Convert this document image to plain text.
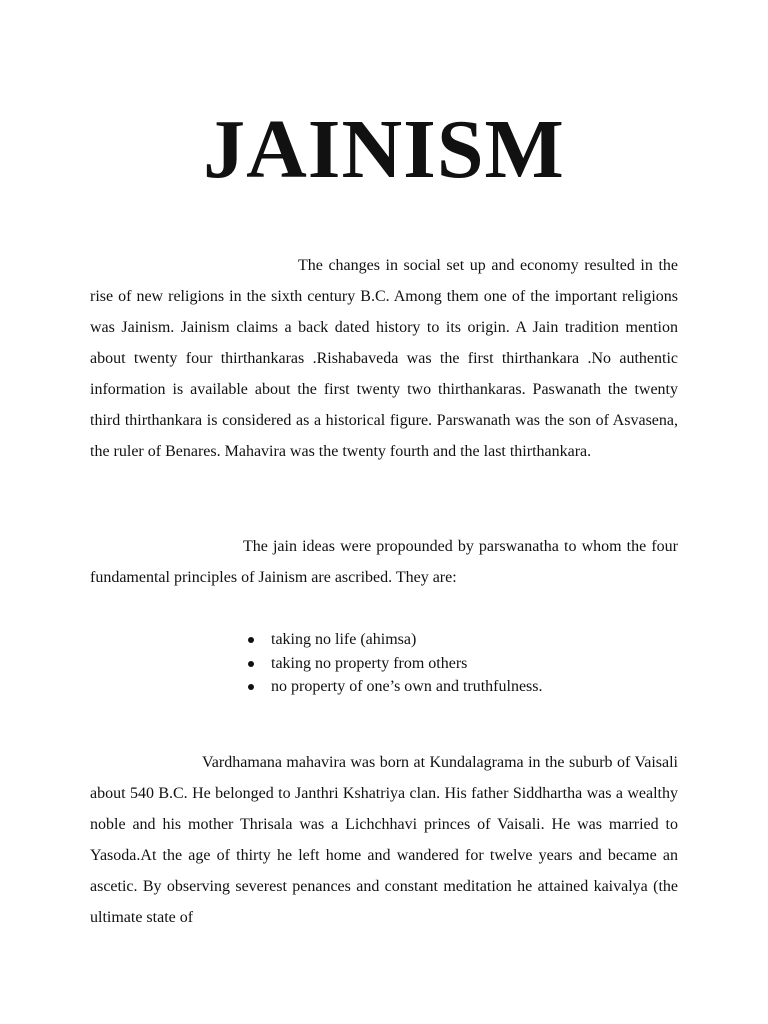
JAINISM

The changes in social set up and economy resulted in the rise of new religions in the sixth century B.C. Among them one of the important religions was Jainism. Jainism claims a back dated history to its origin. A Jain tradition mention about twenty four thirthankaras .Rishabaveda was the first thirthankara .No authentic information is available about the first twenty two thirthankaras. Paswanath the twenty third thirthankara is considered as a historical figure. Parswanath was the son of Asvasena, the ruler of Benares. Mahavira was the twenty fourth and the last thirthankara.

The jain ideas were propounded by parswanatha to whom the four fundamental principles of Jainism are ascribed. They are:

taking no life (ahimsa)
taking no property from others
no property of one’s own and truthfulness.

Vardhamana mahavira was born at Kundalagrama in the suburb of Vaisali about 540 B.C. He belonged to Janthri Kshatriya clan. His father Siddhartha was a wealthy noble and his mother Thrisala was a Lichchhavi princes of Vaisali. He was married to Yasoda.At the age of thirty he left home and wandered for twelve years and became an ascetic. By observing severest penances and constant meditation he attained kaivalya (the ultimate state of
